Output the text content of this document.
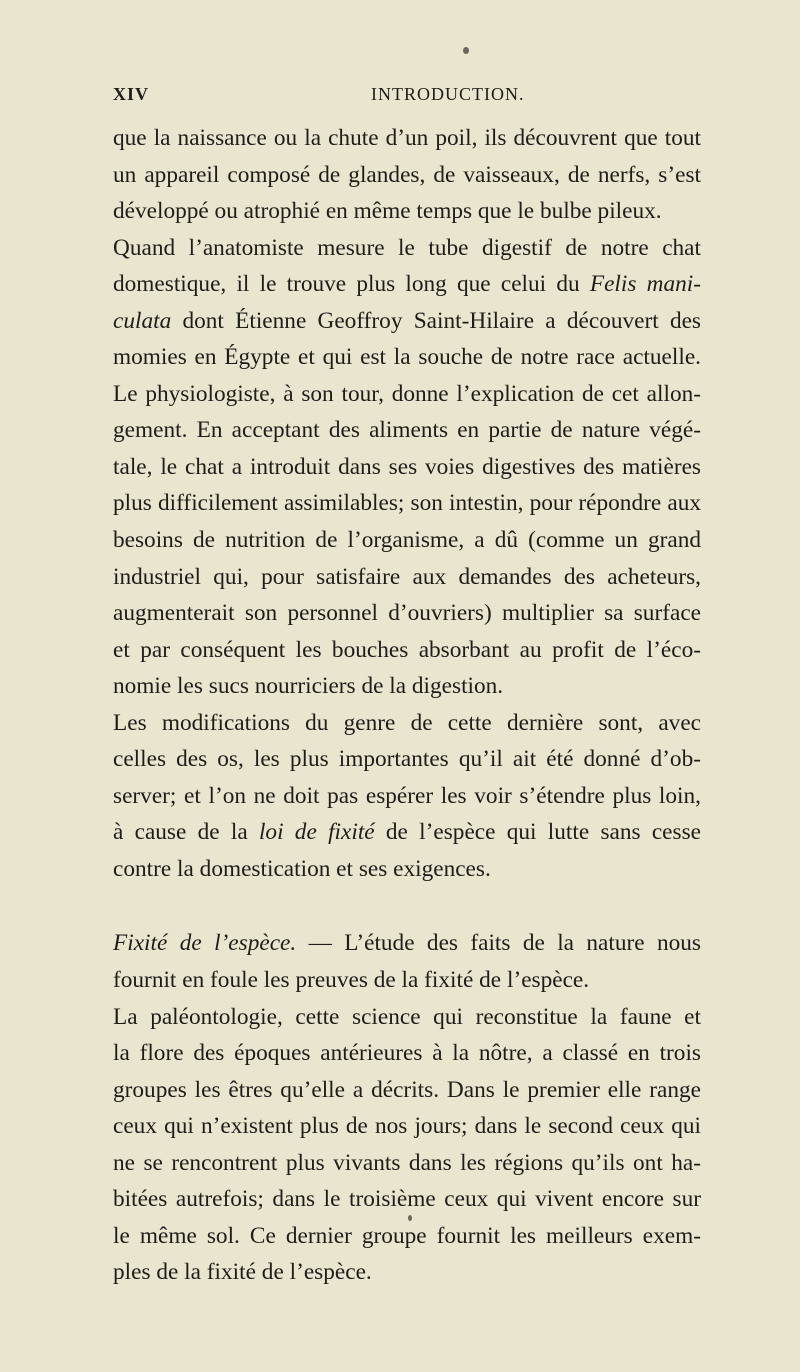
XIV	INTRODUCTION.
que la naissance ou la chute d’un poil, ils découvrent que tout
un appareil composé de glandes, de vaisseaux, de nerfs, s’est
développé ou atrophié en même temps que le bulbe pileux.
Quand l’anatomiste mesure le tube digestif de notre chat
domestique, il le trouve plus long que celui du Felis mani-
culata dont Étienne Geoffroy Saint-Hilaire a découvert des
momies en Égypte et qui est la souche de notre race actuelle.
Le physiologiste, à son tour, donne l’explication de cet allon-
gement. En acceptant des aliments en partie de nature végé-
tale, le chat a introduit dans ses voies digestives des matières
plus difficilement assimilables; son intestin, pour répondre aux
besoins de nutrition de l’organisme, a dû (comme un grand
industriel qui, pour satisfaire aux demandes des acheteurs,
augmenterait son personnel d’ouvriers) multiplier sa surface
et par conséquent les bouches absorbant au profit de l’éco-
nomie les sucs nourriciers de la digestion.
Les modifications du genre de cette dernière sont, avec
celles des os, les plus importantes qu’il ait été donné d’ob-
server; et l’on ne doit pas espérer les voir s’étendre plus loin,
à cause de la loi de fixité de l’espèce qui lutte sans cesse
contre la domestication et ses exigences.
Fixité de l’espèce. — L’étude des faits de la nature nous
fournit en foule les preuves de la fixité de l’espèce.
La paléontologie, cette science qui reconstitue la faune et
la flore des époques antérieures à la nôtre, a classé en trois
groupes les êtres qu’elle a décrits. Dans le premier elle range
ceux qui n’existent plus de nos jours; dans le second ceux qui
ne se rencontrent plus vivants dans les régions qu’ils ont ha-
bitées autrefois; dans le troisième ceux qui vivent encore sur
le même sol. Ce dernier groupe fournit les meilleurs exem-
ples de la fixité de l’espèce.
